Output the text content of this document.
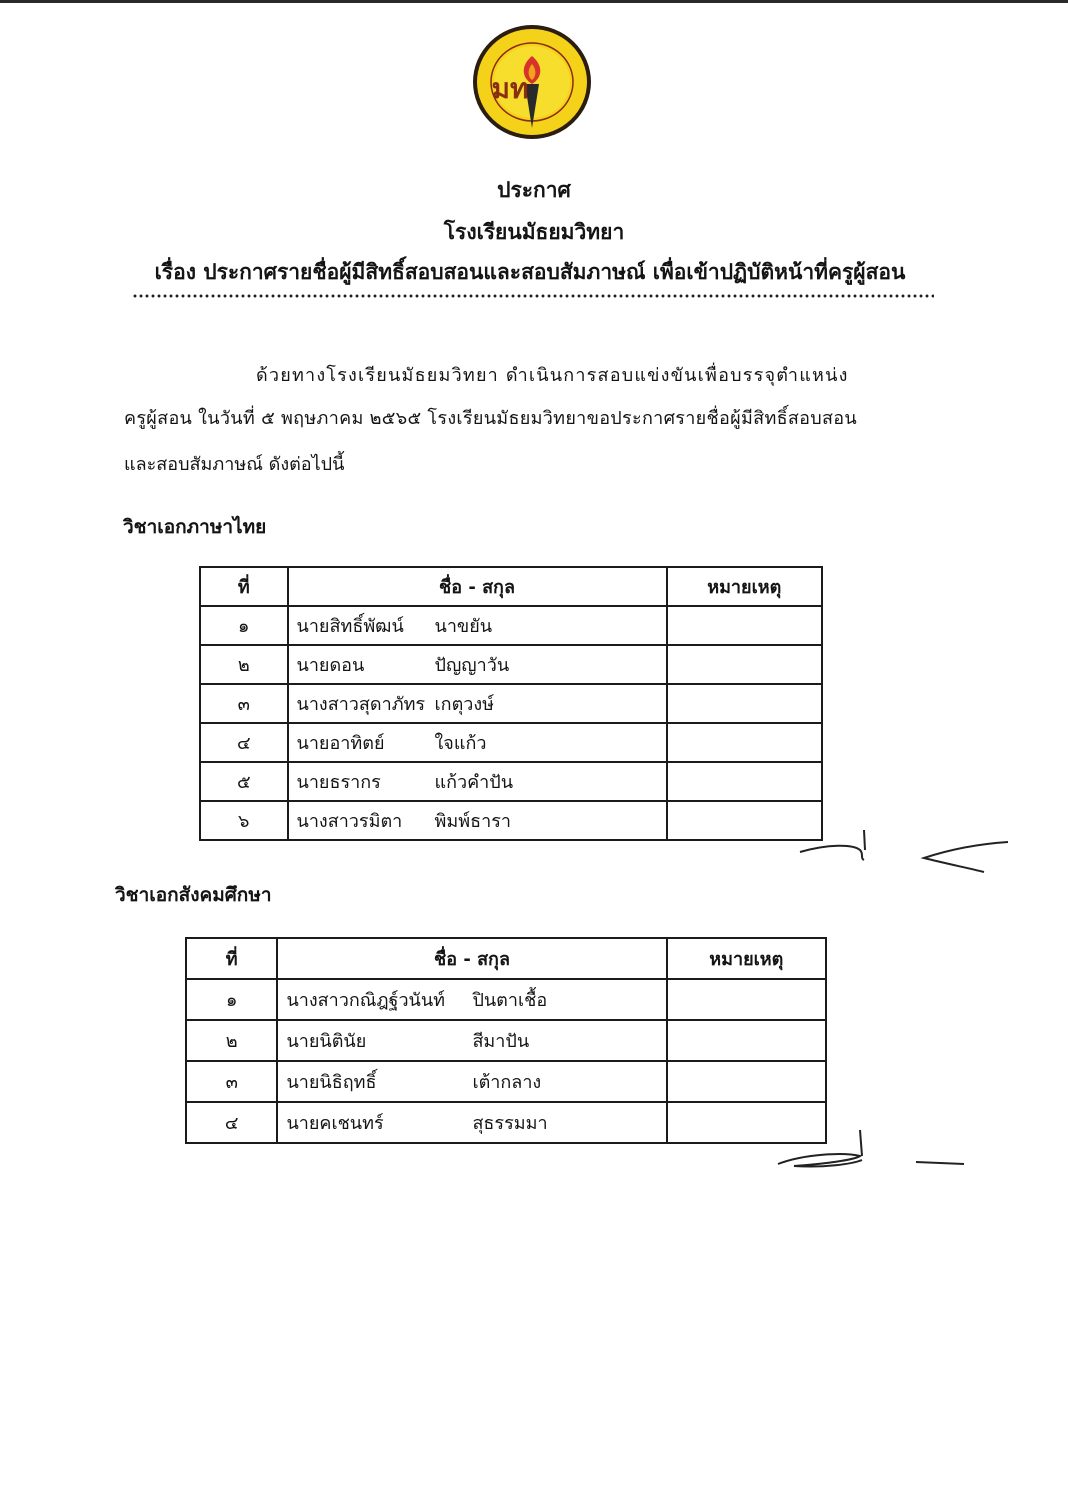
มท
ประกาศ
โรงเรียนมัธยมวิทยา
เรื่อง ประกาศรายชื่อผู้มีสิทธิ์สอบสอนและสอบสัมภาษณ์ เพื่อเข้าปฏิบัติหน้าที่ครูผู้สอน
ด้วยทางโรงเรียนมัธยมวิทยา ดำเนินการสอบแข่งขันเพื่อบรรจุตำแหน่ง
ครูผู้สอน ในวันที่ ๕ พฤษภาคม ๒๕๖๕ โรงเรียนมัธยมวิทยาขอประกาศรายชื่อผู้มีสิทธิ์สอบสอน
และสอบสัมภาษณ์ ดังต่อไปนี้
วิชาเอกภาษาไทย
ที่	ชื่อ - สกุล	หมายเหตุ
๑	นายสิทธิ์พัฒน์ นาขยัน	
๒	นายดอน ปัญญาวัน	
๓	นางสาวสุดาภัทร เกตุวงษ์	
๔	นายอาทิตย์ ใจแก้ว	
๕	นายธรากร แก้วคำปัน	
๖	นางสาวรมิตา พิมพ์ธารา	
วิชาเอกสังคมศึกษา
ที่	ชื่อ - สกุล	หมายเหตุ
๑	นางสาวกณิฎฐ์วนันท์ ปินตาเชื้อ	
๒	นายนิตินัย สีมาปัน	
๓	นายนิธิฤทธิ์ เต้ากลาง	
๔	นายคเชนทร์ สุธรรมมา	
